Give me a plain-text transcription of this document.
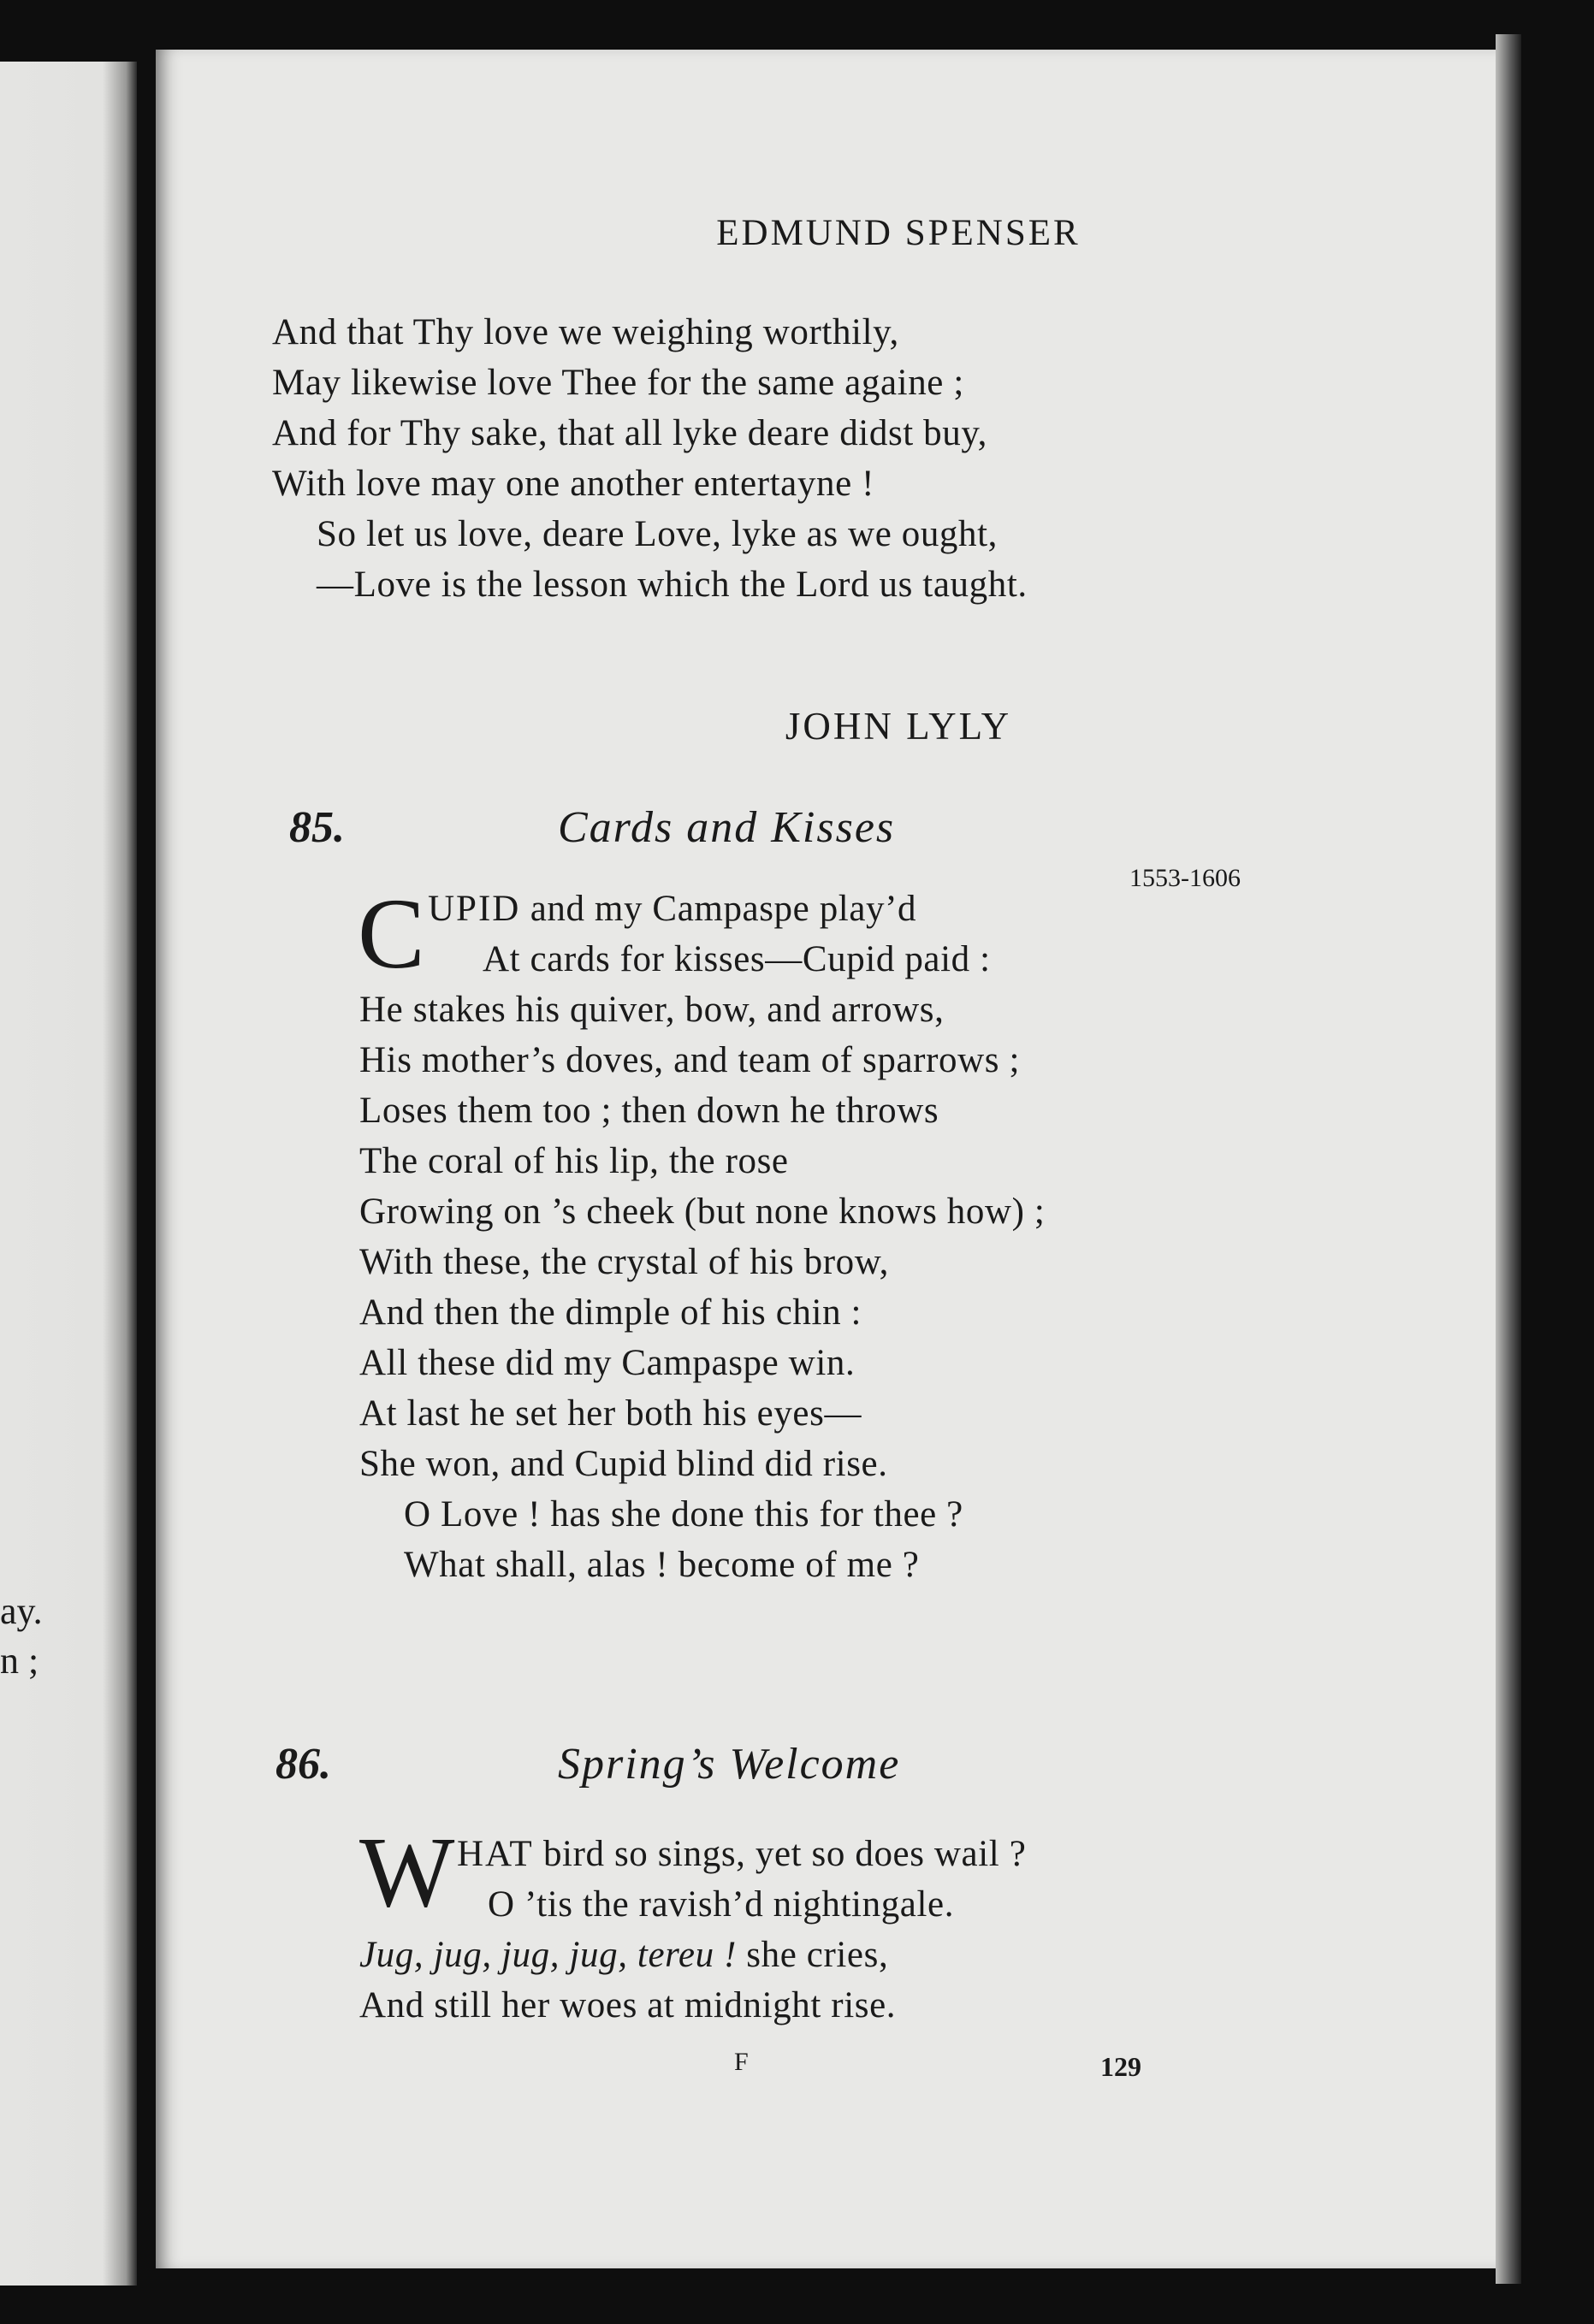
ay.
n ;
EDMUND SPENSER
And that Thy love we weighing worthily,
May likewise love Thee for the same againe ;
And for Thy sake, that all lyke deare didst buy,
With love may one another entertayne !
So let us love, deare Love, lyke as we ought,
—Love is the lesson which the Lord us taught.
JOHN LYLY
85.	Cards and Kisses
1553-1606
C UPID and my Campaspe play’d
At cards for kisses—Cupid paid :
He stakes his quiver, bow, and arrows,
His mother’s doves, and team of sparrows ;
Loses them too ; then down he throws
The coral of his lip, the rose
Growing on ’s cheek (but none knows how) ;
With these, the crystal of his brow,
And then the dimple of his chin :
All these did my Campaspe win.
At last he set her both his eyes—
She won, and Cupid blind did rise.
O Love ! has she done this for thee ?
What shall, alas ! become of me ?
86.	Spring’s Welcome
W HAT bird so sings, yet so does wail ?
O ’tis the ravish’d nightingale.
Jug, jug, jug, jug, tereu ! she cries,
And still her woes at midnight rise.
F	129
